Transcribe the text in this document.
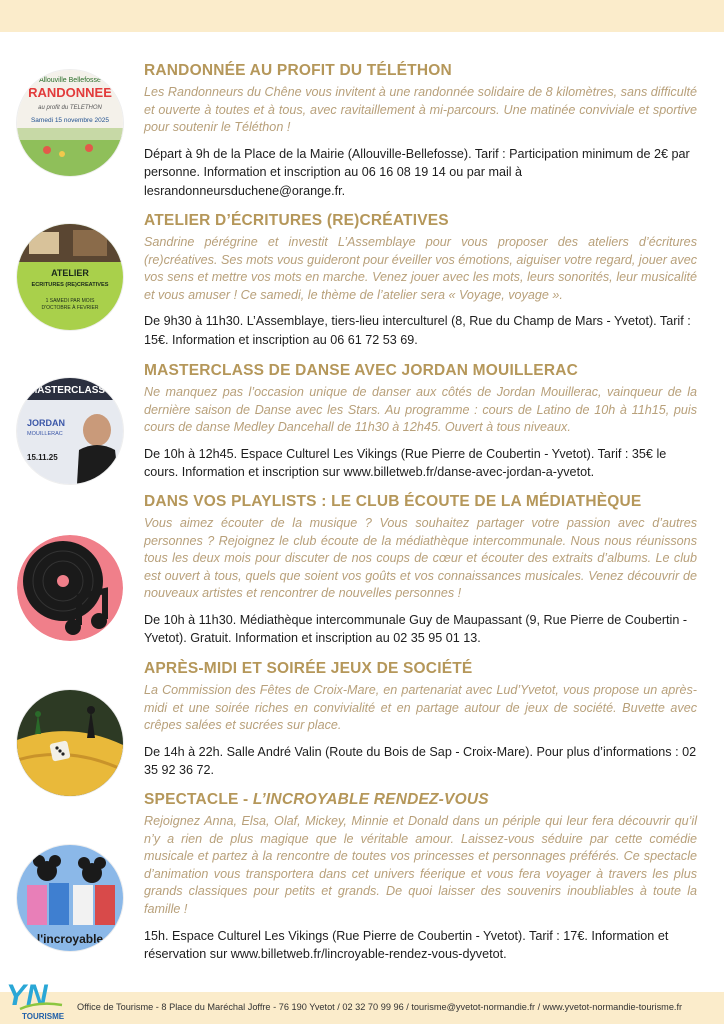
Allouville Bellefosse
RANDONNEE
au profit du TELETHON
Samedi 15 novembre 2025
RANDONNÉE AU PROFIT DU TÉLÉTHON

Les Randonneurs du Chêne vous invitent à une randonnée solidaire de 8 kilomètres, sans difficulté et ouverte à toutes et à tous, avec ravitaillement à mi-parcours. Une matinée conviviale et sportive pour soutenir le Téléthon !

Départ à 9h de la Place de la Mairie (Allouville-Bellefosse). Tarif : Participation minimum de 2€ par personne. Information et inscription au 06 16 08 19 14 ou par mail à lesrandonneursduchene@orange.fr.

ATELIER
ECRITURES (RE)CREATIVES
1 SAMEDI PAR MOIS
D'OCTOBRE À FEVRIER
ATELIER D’ÉCRITURES (RE)CRÉATIVES

Sandrine pérégrine et investit L’Assemblaye pour vous proposer des ateliers d’écritures (re)créatives. Ses mots vous guideront pour éveiller vos émotions, aiguiser votre regard, jouer avec vos sens et mettre vos mots en marche. Venez jouer avec les mots, leurs sonorités, leur musicalité et vous amuser ! Ce samedi, le thème de l’atelier sera « Voyage, voyage ».

De 9h30 à 11h30. L’Assemblaye, tiers-lieu interculturel (8, Rue du Champ de Mars - Yvetot). Tarif : 15€. Information et inscription au 06 61 72 53 69.

MASTERCLASS
JORDAN
MOUILLERAC
15.11.25
MASTERCLASS DE DANSE AVEC JORDAN MOUILLERAC

Ne manquez pas l’occasion unique de danser aux côtés de Jordan Mouillerac, vainqueur de la dernière saison de Danse avec les Stars. Au programme : cours de Latino de 10h à 11h15, puis cours de danse Medley Dancehall de 11h30 à 12h45. Ouvert à tous niveaux.

De 10h à 12h45. Espace Culturel Les Vikings (Rue Pierre de Coubertin - Yvetot). Tarif : 35€ le cours. Information et inscription sur www.billetweb.fr/danse-avec-jordan-a-yvetot.

DANS VOS PLAYLISTS : LE CLUB ÉCOUTE DE LA MÉDIATHÈQUE

Vous aimez écouter de la musique ? Vous souhaitez partager votre passion avec d’autres personnes ? Rejoignez le club écoute de la médiathèque intercommunale. Nous nous réunissons tous les deux mois pour discuter de nos coups de cœur et écouter des extraits d’albums. Le club est ouvert à tous, quels que soient vos goûts et vos connaissances musicales. Venez découvrir de nouveaux artistes et rencontrer de nouvelles personnes !

De 10h à 11h30. Médiathèque intercommunale Guy de Maupassant (9, Rue Pierre de Coubertin - Yvetot). Gratuit. Information et inscription au 02 35 95 01 13.

APRÈS-MIDI ET SOIRÉE JEUX DE SOCIÉTÉ

La Commission des Fêtes de Croix-Mare, en partenariat avec Lud’Yvetot, vous propose un après-midi et une soirée riches en convivialité et en partage autour de jeux de société. Buvette avec crêpes salées et sucrées sur place.

De 14h à 22h. Salle André Valin (Route du Bois de Sap - Croix-Mare). Pour plus d’informations : 02 35 92 36 72.

l'incroyable
SPECTACLE - L’INCROYABLE RENDEZ-VOUS

Rejoignez Anna, Elsa, Olaf, Mickey, Minnie et Donald dans un périple qui leur fera découvrir qu’il n’y a rien de plus magique que le véritable amour. Laissez-vous séduire par cette comédie musicale et partez à la rencontre de toutes vos princesses et personnages préférés. Ce spectacle d’animation vous transportera dans cet univers féerique et vous fera voyager à travers les plus grands classiques pour petits et grands. De quoi laisser des souvenirs inoubliables à toute la famille !

15h. Espace Culturel Les Vikings (Rue Pierre de Coubertin - Yvetot). Tarif : 17€. Information et réservation sur www.billetweb.fr/lincroyable-rendez-vous-dyvetot.

Office de Tourisme - 8 Place du Maréchal Joffre - 76 190 Yvetot / 02 32 70 99 96 / tourisme@yvetot-normandie.fr / www.yvetot-normandie-tourisme.fr
YN
TOURISME
